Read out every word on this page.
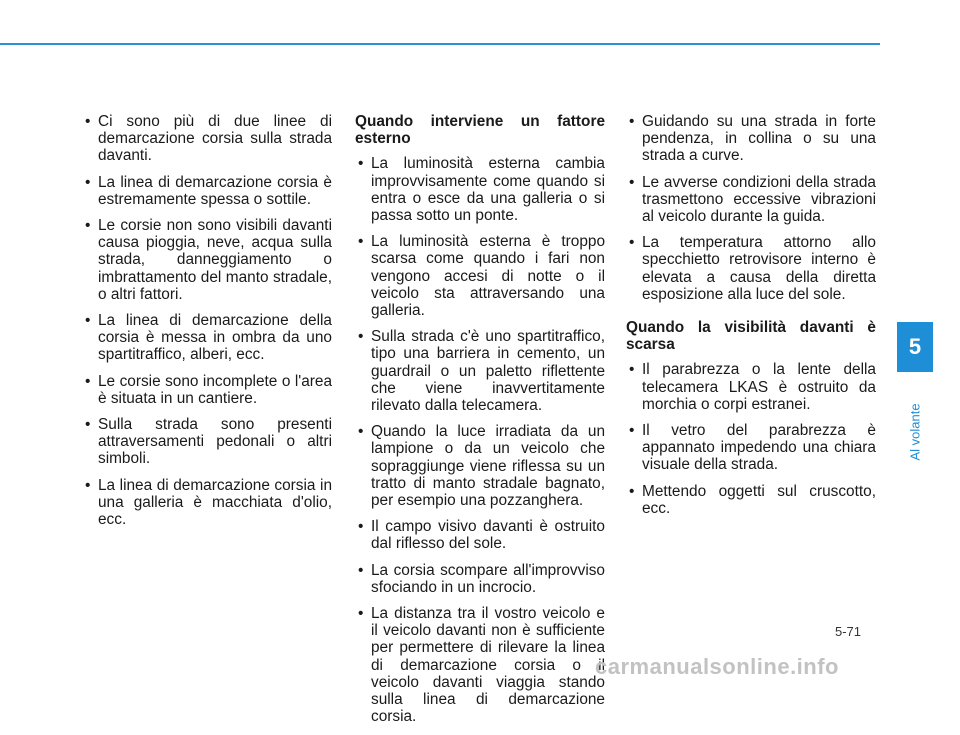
• Ci sono più di due linee di demarcazione corsia sulla strada davanti.
• La linea di demarcazione corsia è estremamente spessa o sottile.
• Le corsie non sono visibili davanti causa pioggia, neve, acqua sulla strada, danneggiamento o imbrattamento del manto stradale, o altri fattori.
• La linea di demarcazione della corsia è messa in ombra da uno spartitraffico, alberi, ecc.
• Le corsie sono incomplete o l'area è situata in un cantiere.
• Sulla strada sono presenti attraversamenti pedonali o altri simboli.
• La linea di demarcazione corsia in una galleria è macchiata d'olio, ecc.
Quando interviene un fattore esterno
• La luminosità esterna cambia improvvisamente come quando si entra o esce da una galleria o si passa sotto un ponte.
• La luminosità esterna è troppo scarsa come quando i fari non vengono accesi di notte o il veicolo sta attraversando una galleria.
• Sulla strada c'è uno spartitraffico, tipo una barriera in cemento, un guardrail o un paletto riflettente che viene inavvertitamente rilevato dalla telecamera.
• Quando la luce irradiata da un lampione o da un veicolo che sopraggiunge viene riflessa su un tratto di manto stradale bagnato, per esempio una pozzanghera.
• Il campo visivo davanti è ostruito dal riflesso del sole.
• La corsia scompare all'improvviso sfociando in un incrocio.
• La distanza tra il vostro veicolo e il veicolo davanti non è sufficiente per permettere di rilevare la linea di demarcazione corsia o il veicolo davanti viaggia stando sulla linea di demarcazione corsia.
• Guidando su una strada in forte pendenza, in collina o su una strada a curve.
• Le avverse condizioni della strada trasmettono eccessive vibrazioni al veicolo durante la guida.
• La temperatura attorno allo specchietto retrovisore interno è elevata a causa della diretta esposizione alla luce del sole.
Quando la visibilità davanti è scarsa
• Il parabrezza o la lente della telecamera LKAS è ostruito da morchia o corpi estranei.
• Il vetro del parabrezza è appannato impedendo una chiara visuale della strada.
• Mettendo oggetti sul cruscotto, ecc.
5
Al volante
5-71
carmanualsonline.info
